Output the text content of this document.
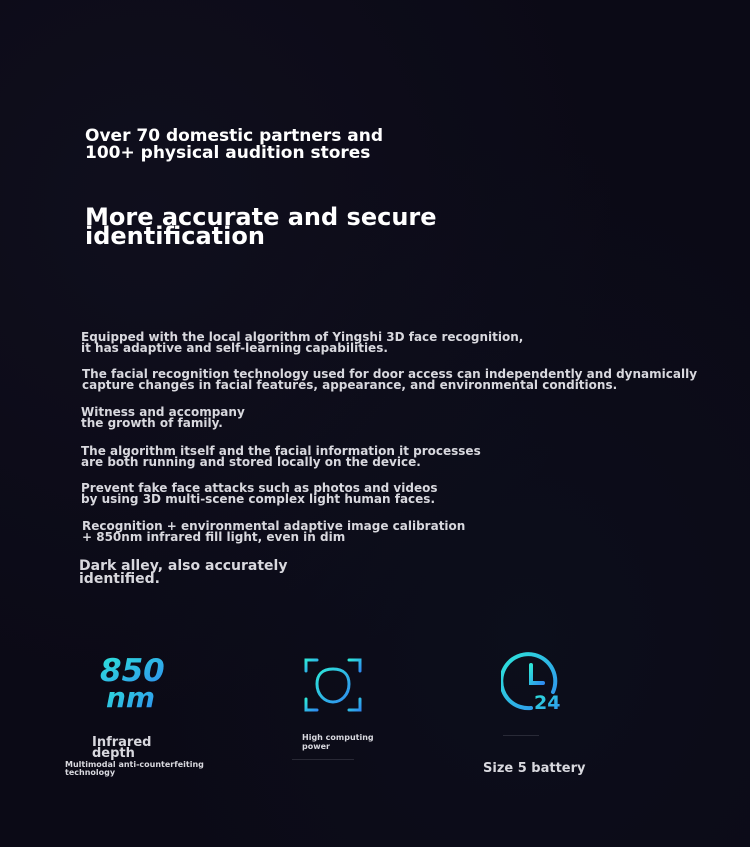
Over 70 domestic partners and
100+ physical audition stores
More accurate and secure
identification
Equipped with the local algorithm of Yingshi 3D face recognition,
it has adaptive and self-learning capabilities.
The facial recognition technology used for door access can independently and dynamically
capture changes in facial features, appearance, and environmental conditions.
Witness and accompany
the growth of family.
The algorithm itself and the facial information it processes
are both running and stored locally on the device.
Prevent fake face attacks such as photos and videos
by using 3D multi-scene complex light human faces.
Recognition + environmental adaptive image calibration
+ 850nm infrared fill light, even in dim
Dark alley, also accurately
identified.
850
nm
Infrared
depth
Multimodal anti-counterfeiting
technology
High computing
power
24
Size 5 battery
